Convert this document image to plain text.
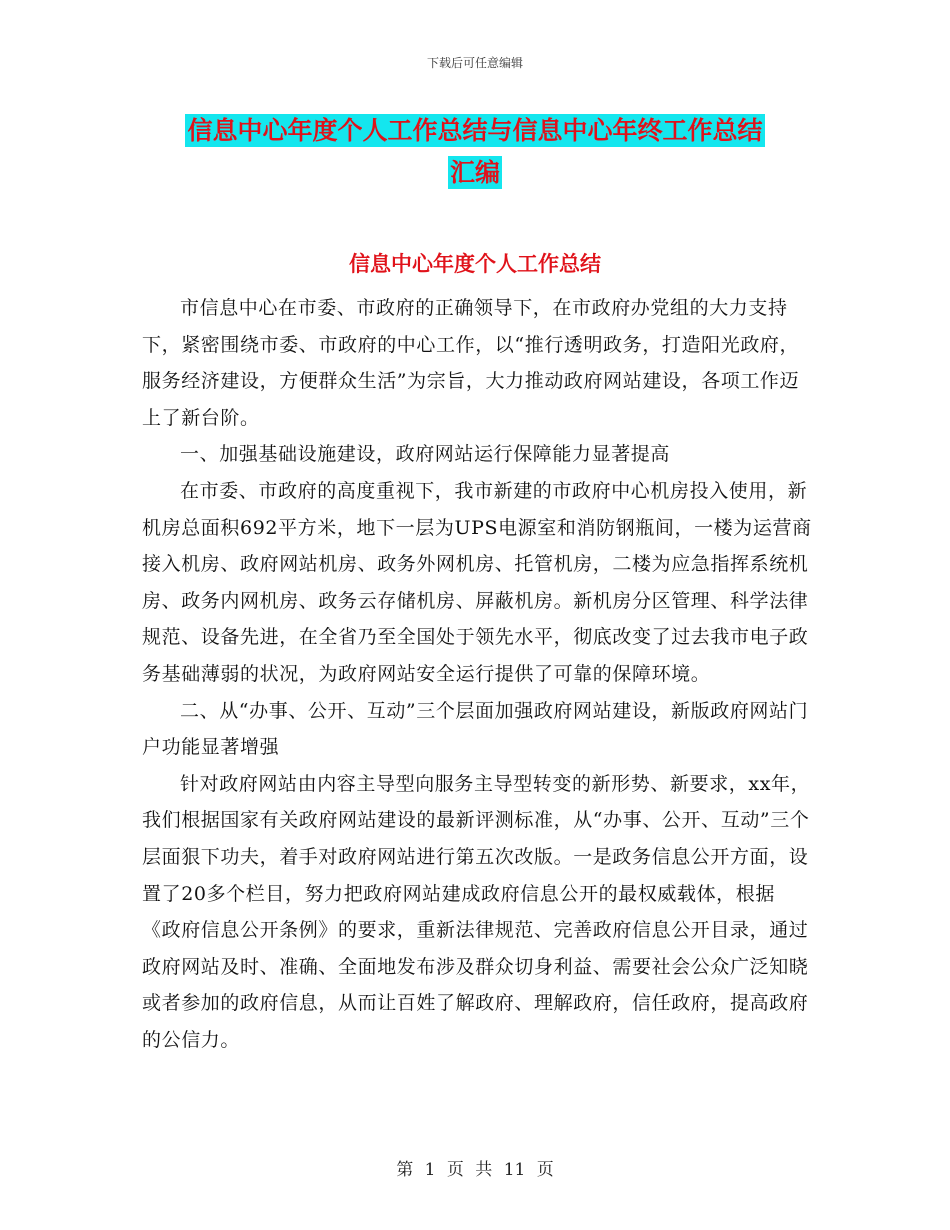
下载后可任意编辑
信息中心年度个人工作总结与信息中心年终工作总结
汇编
信息中心年度个人工作总结

市信息中心在市委、市政府的正确领导下，在市政府办党组的大力支持下，紧密围绕市委、市政府的中心工作，以“推行透明政务，打造阳光政府，服务经济建设，方便群众生活”为宗旨，大力推动政府网站建设，各项工作迈上了新台阶。

一、加强基础设施建设，政府网站运行保障能力显著提高

在市委、市政府的高度重视下，我市新建的市政府中心机房投入使用，新机房总面积692平方米，地下一层为UPS电源室和消防钢瓶间，一楼为运营商接入机房、政府网站机房、政务外网机房、托管机房，二楼为应急指挥系统机房、政务内网机房、政务云存储机房、屏蔽机房。新机房分区管理、科学法律规范、设备先进，在全省乃至全国处于领先水平，彻底改变了过去我市电子政务基础薄弱的状况，为政府网站安全运行提供了可靠的保障环境。

二、从“办事、公开、互动”三个层面加强政府网站建设，新版政府网站门户功能显著增强

针对政府网站由内容主导型向服务主导型转变的新形势、新要求，xx年，我们根据国家有关政府网站建设的最新评测标准，从“办事、公开、互动”三个层面狠下功夫，着手对政府网站进行第五次改版。一是政务信息公开方面，设置了20多个栏目，努力把政府网站建成政府信息公开的最权威载体，根据《政府信息公开条例》的要求，重新法律规范、完善政府信息公开目录，通过政府网站及时、准确、全面地发布涉及群众切身利益、需要社会公众广泛知晓或者参加的政府信息，从而让百姓了解政府、理解政府，信任政府，提高政府的公信力。

第 1 页 共 11 页
